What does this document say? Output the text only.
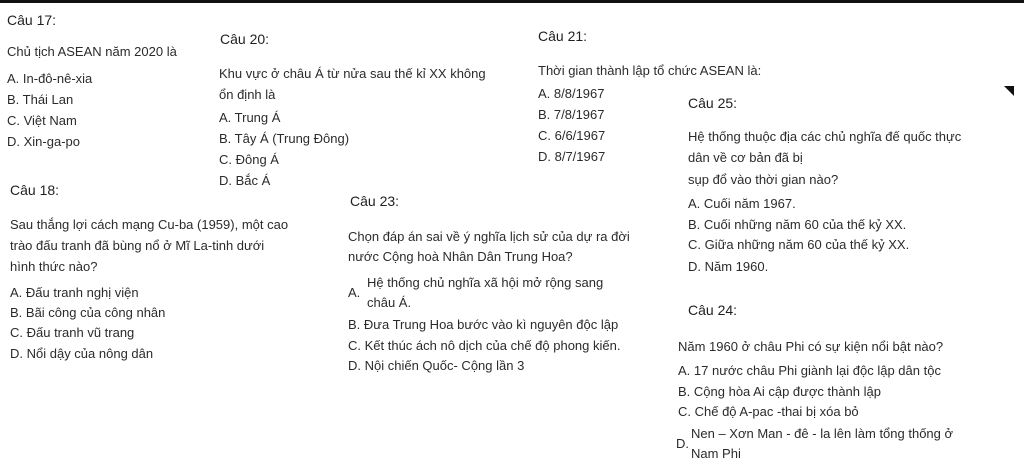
Câu 17:
Chủ tịch ASEAN năm 2020 là
A. In-đô-nê-xia
B. Thái Lan
C. Việt Nam
D. Xin-ga-po
Câu 18:
Sau thắng lợi cách mạng Cu-ba (1959), một cao
trào đấu tranh đã bùng nổ ở Mĩ La-tinh dưới
hình thức nào?
A. Đấu tranh nghị viện
B. Bãi công của công nhân
C. Đấu tranh vũ trang
D. Nổi dậy của nông dân
Câu 20:
Khu vực ở châu Á từ nửa sau thế kỉ XX không
ổn định là
A. Trung Á
B. Tây Á (Trung Đông)
C. Đông Á
D. Bắc Á
Câu 21:
Thời gian thành lập tổ chức ASEAN là:
A. 8/8/1967
B. 7/8/1967
C. 6/6/1967
D. 8/7/1967
Câu 23:
Chọn đáp án sai về ý nghĩa lịch sử của dự ra đời
nước Cộng hoà Nhân Dân Trung Hoa?
A.
Hệ thống chủ nghĩa xã hội mở rộng sang
châu Á.
B. Đưa Trung Hoa bước vào kì nguyên độc lập
C. Kết thúc ách nô dịch của chế độ phong kiến.
D. Nội chiến Quốc- Cộng lần 3
Câu 25:
Hệ thống thuộc địa các chủ nghĩa đế quốc thực
dân về cơ bản đã bị
sụp đổ vào thời gian nào?
A. Cuối năm 1967.
B. Cuối những năm 60 của thế kỷ XX.
C. Giữa những năm 60 của thế kỷ XX.
D. Năm 1960.
Câu 24:
Năm 1960 ở châu Phi có sự kiện nổi bật nào?
A. 17 nước châu Phi giành lại độc lập dân tộc
B. Cộng hòa Ai cập được thành lập
C. Chế độ A-pac -thai bị xóa bỏ
D.
Nen – Xơn Man - đê - la lên làm tổng thống ở
Nam Phi
